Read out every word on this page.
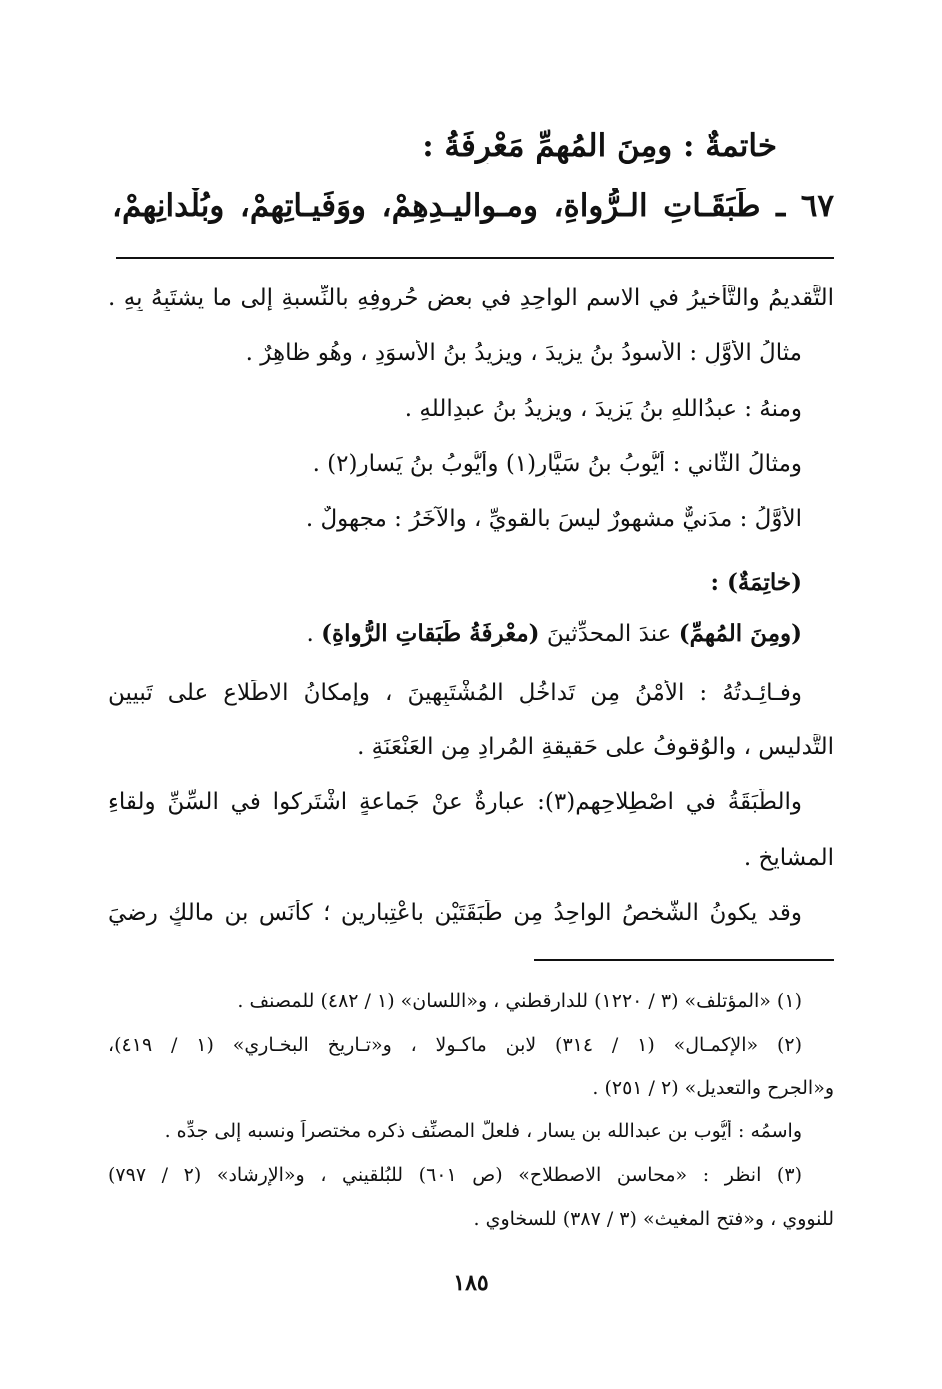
خاتمةٌ : ومِنَ المُهِمِّ مَعْرِفَةُ :
٦٧ ـ طَبَقَـاتِ الـرُّواةِ، ومـواليـدِهِمْ، ووَفَيـاتِهِمْ، وبُلْدانِهِمْ،
التَّقديمُ والتَّأْخيرُ في الاسمِ الواحِدِ في بعضِ حُروفِهِ بالنِّسبةِ إلى ما يشتَبِهُ بِهِ .
مثالُ الأوَّلِ : الأسودُ بنُ يزيدَ ، ويزيدُ بنُ الأسوَدِ ، وهُو ظاهِرٌ .
ومنهُ : عبدُاللهِ بنُ يَزيدَ ، ويزيدُ بنُ عبدِاللهِ .
ومثالُ الثَّاني : أَيُّوبُ بنُ سَيَّارٍ(١) وأَيُّوبُ بنُ يَسارٍ(٢) .
الأَوَّلُ : مدَنيٌّ مشهورٌ ليسَ بالقويِّ ، والآخَرُ : مجهولٌ .
(خاتِمَةٌ) :
(ومِنَ المُهِمِّ) عندَ المحدِّثينَ (معْرِفَةُ طَبَقاتِ الرُّواةِ) .
وفـائِـدتُهُ : الأمْنُ مِن تَداخُلِ المُشْتَبِهينَ ، وإِمكانُ الاطِّلاعِ على تَبيينِ
التَّدليسِ ، والوُقوفُ على حَقيقةِ المُرادِ مِن العَنْعَنَةِ .
والطَّبَقَةُ في اصْطِلاحِهِم(٣): عبارةٌ عنْ جَماعةٍ اشْتَركوا في السِّنِّ ولقاءِ
المشايخِ .
وقد يكونُ الشَّخصُ الواحِدُ مِن طَبَقَتَيْنِ باعْتِبارينِ ؛ كأَنَسِ بنِ مالكٍ رضيَ
(١) «المؤتلف» (٣ / ١٢٢٠) للدارقطني ، و«اللسان» (١ / ٤٨٢) للمصنف .
(٢) «الإكمـال» (١ / ٣١٤) لابن ماكـولا ، و«تـاريخ البخـاري» (١ / ٤١٩)،
و«الجرح والتعديل» (٢ / ٢٥١) .
واسمُه : أيُّوب بن عبدالله بن يسار ، فلعلَّ المصنِّف ذكره مختصراً ونسبه إلى جدِّه .
(٣) انظر : «محاسن الاصطلاح» (ص ٦٠١) للبُلقيني ، و«الإرشاد» (٢ / ٧٩٧)
للنووي ، و«فتح المغيث» (٣ / ٣٨٧) للسخاوي .
١٨٥
